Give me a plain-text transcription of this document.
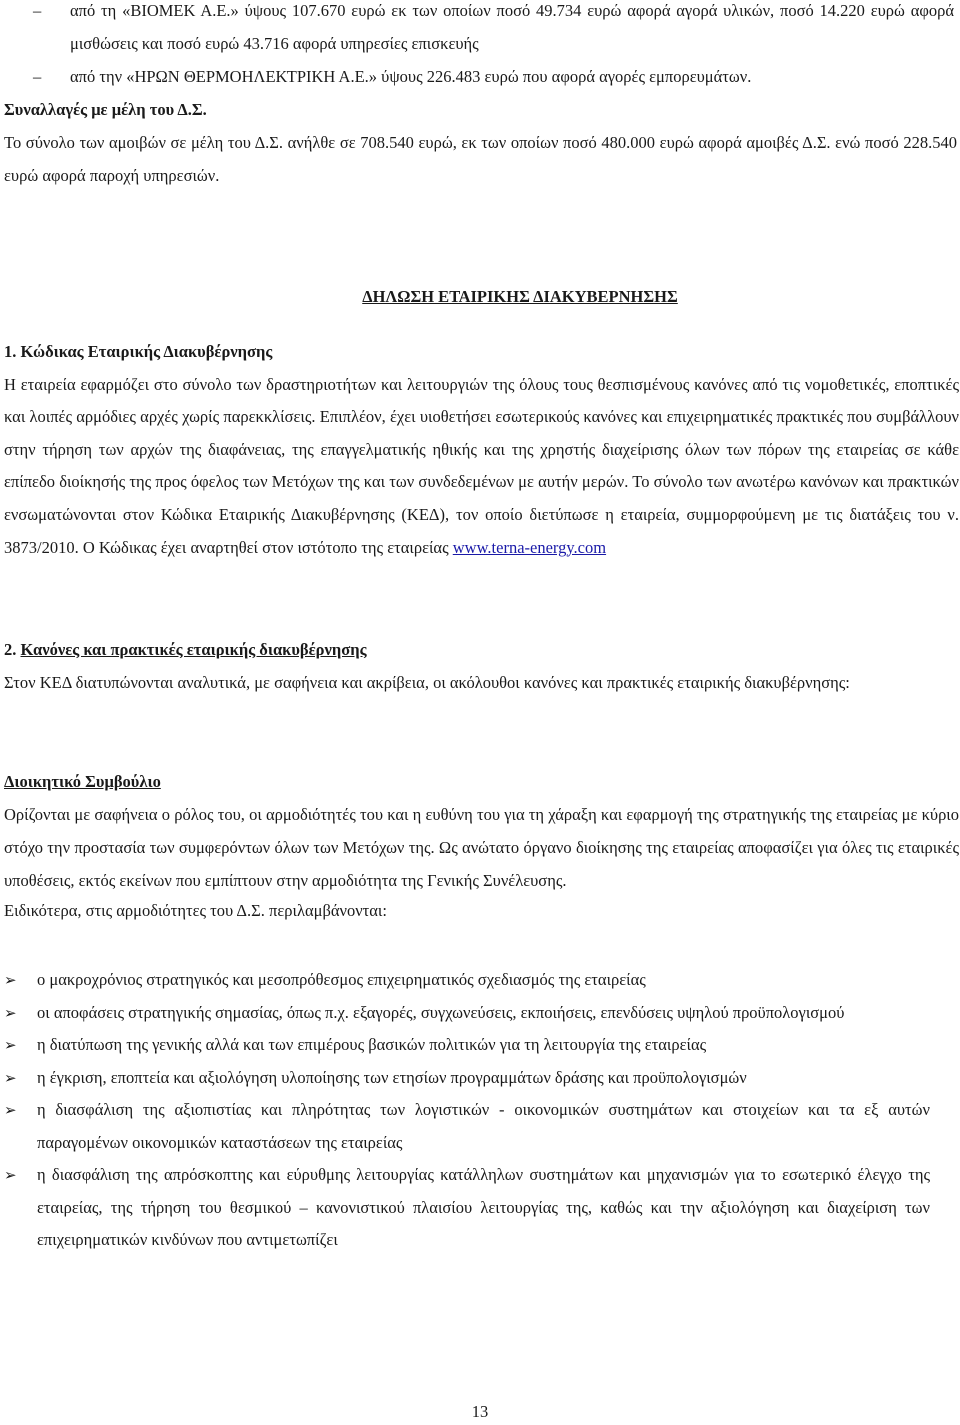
– από τη «ΒΙΟΜΕΚ Α.Ε.» ύψους 107.670 ευρώ εκ των οποίων ποσό 49.734 ευρώ αφορά αγορά υλικών, ποσό 14.220 ευρώ αφορά μισθώσεις και ποσό ευρώ 43.716 αφορά υπηρεσίες επισκευής
– από την «ΗΡΩΝ ΘΕΡΜΟΗΛΕΚΤΡΙΚΗ Α.Ε.» ύψους 226.483 ευρώ που αφορά αγορές εμπορευμάτων.
Συναλλαγές με μέλη του Δ.Σ.
Το σύνολο των αμοιβών σε μέλη του Δ.Σ. ανήλθε σε 708.540 ευρώ, εκ των οποίων ποσό 480.000 ευρώ αφορά αμοιβές Δ.Σ. ενώ ποσό 228.540 ευρώ αφορά παροχή υπηρεσιών.
ΔΗΛΩΣΗ ΕΤΑΙΡΙΚΗΣ ΔΙΑΚΥΒΕΡΝΗΣΗΣ
1. Κώδικας Εταιρικής Διακυβέρνησης
Η εταιρεία εφαρμόζει στο σύνολο των δραστηριοτήτων και λειτουργιών της όλους τους θεσπισμένους κανόνες από τις νομοθετικές, εποπτικές και λοιπές αρμόδιες αρχές χωρίς παρεκκλίσεις. Επιπλέον, έχει υιοθετήσει εσωτερικούς κανόνες και επιχειρηματικές πρακτικές που συμβάλλουν στην τήρηση των αρχών της διαφάνειας, της επαγγελματικής ηθικής και της χρηστής διαχείρισης όλων των πόρων της εταιρείας σε κάθε επίπεδο διοίκησής της προς όφελος των Μετόχων της και των συνδεδεμένων με αυτήν μερών. Το σύνολο των ανωτέρω κανόνων και πρακτικών ενσωματώνονται στον Κώδικα Εταιρικής Διακυβέρνησης (ΚΕΔ), τον οποίο διετύπωσε η εταιρεία, συμμορφούμενη με τις διατάξεις του ν. 3873/2010. Ο Κώδικας έχει αναρτηθεί στον ιστότοπο της εταιρείας www.terna-energy.com
2. Κανόνες και πρακτικές εταιρικής διακυβέρνησης
Στον ΚΕΔ διατυπώνονται αναλυτικά, με σαφήνεια και ακρίβεια, οι ακόλουθοι κανόνες και πρακτικές εταιρικής διακυβέρνησης:
Διοικητικό Συμβούλιο
Ορίζονται με σαφήνεια ο ρόλος του, οι αρμοδιότητές του και η ευθύνη του για τη χάραξη και εφαρμογή της στρατηγικής της εταιρείας με κύριο στόχο την προστασία των συμφερόντων όλων των Μετόχων της. Ως ανώτατο όργανο διοίκησης της εταιρείας αποφασίζει για όλες τις εταιρικές υποθέσεις, εκτός εκείνων που εμπίπτουν στην αρμοδιότητα της Γενικής Συνέλευσης.
Ειδικότερα, στις αρμοδιότητες του Δ.Σ. περιλαμβάνονται:
➢ ο μακροχρόνιος στρατηγικός και μεσοπρόθεσμος επιχειρηματικός σχεδιασμός της εταιρείας
➢ οι αποφάσεις στρατηγικής σημασίας, όπως π.χ. εξαγορές, συγχωνεύσεις, εκποιήσεις, επενδύσεις υψηλού προϋπολογισμού
➢ η διατύπωση της γενικής αλλά και των επιμέρους βασικών πολιτικών για τη λειτουργία της εταιρείας
➢ η έγκριση, εποπτεία και αξιολόγηση υλοποίησης των ετησίων προγραμμάτων δράσης και προϋπολογισμών
➢ η διασφάλιση της αξιοπιστίας και πληρότητας των λογιστικών - οικονομικών συστημάτων και στοιχείων και τα εξ αυτών παραγομένων οικονομικών καταστάσεων της εταιρείας
➢ η διασφάλιση της απρόσκοπτης και εύρυθμης λειτουργίας κατάλληλων συστημάτων και μηχανισμών για το εσωτερικό έλεγχο της εταιρείας, της τήρηση του θεσμικού – κανονιστικού πλαισίου λειτουργίας της, καθώς και την αξιολόγηση και διαχείριση των επιχειρηματικών κινδύνων που αντιμετωπίζει
13
